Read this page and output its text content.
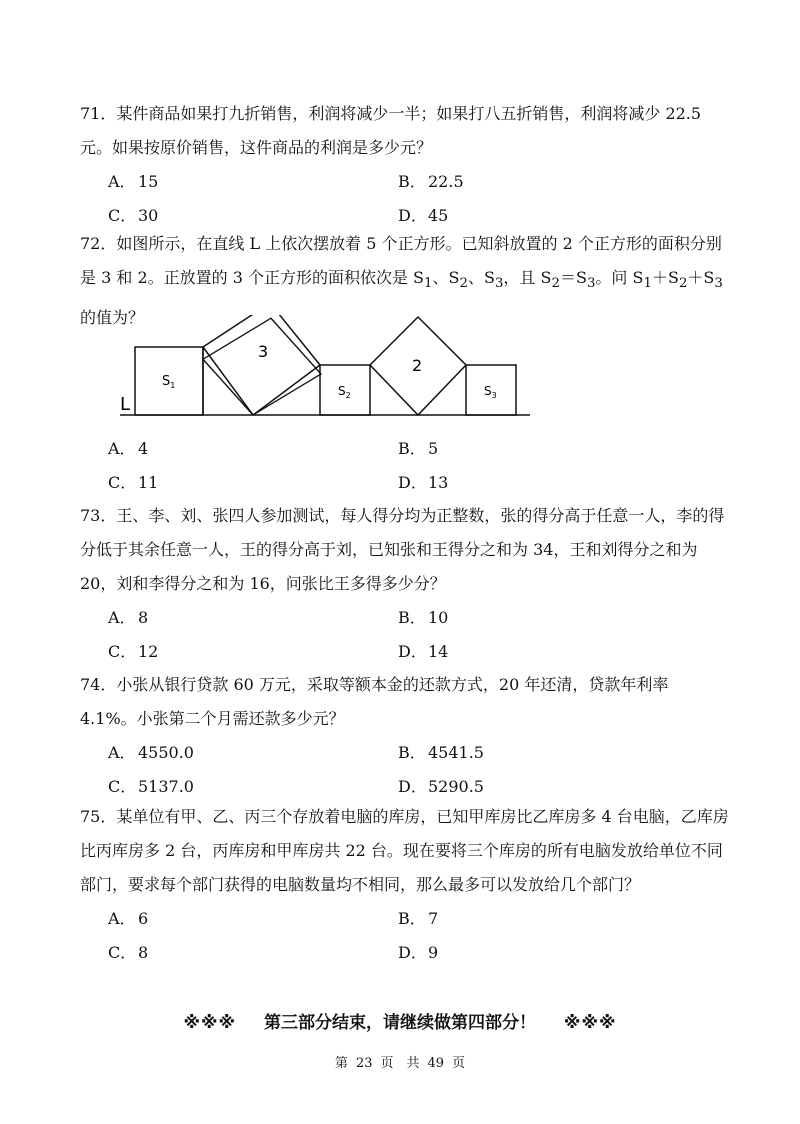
71．某件商品如果打九折销售，利润将减少一半；如果打八五折销售，利润将减少 22.5 元。如果按原价销售，这件商品的利润是多少元？

A． 15	B． 22.5
C． 30	D．45

72．如图所示，在直线 L 上依次摆放着 5 个正方形。已知斜放置的 2 个正方形的面积分别是 3 和 2。正放置的 3 个正方形的面积依次是 $S_1$、$S_2$、$S_3$，且 $S_2=S_3$。问 $S_1+S_2+S_3$的值为？

L
$S_1$
3
$S_2$
2
$S_3$
A． 4	B． 5
C． 11	D．13

73．王、李、刘、张四人参加测试，每人得分均为正整数，张的得分高于任意一人，李的得分低于其余任意一人，王的得分高于刘，已知张和王得分之和为 34，王和刘得分之和为 20，刘和李得分之和为 16，问张比王多得多少分？

A． 8	B． 10
C． 12	D．14

74．小张从银行贷款 60 万元，采取等额本金的还款方式，20 年还清，贷款年利率 4.1%。小张第二个月需还款多少元？

A． 4550.0	B． 4541.5
C． 5137.0	D．5290.5

75．某单位有甲、乙、丙三个存放着电脑的库房，已知甲库房比乙库房多 4 台电脑，乙库房比丙库房多 2 台，丙库房和甲库房共 22 台。现在要将三个库房的所有电脑发放给单位不同部门，要求每个部门获得的电脑数量均不相同，那么最多可以发放给几个部门？

A． 6	B． 7
C． 8	D．9
※※※ 第三部分结束，请继续做第四部分！ ※※※
第 23 页　共 49 页
